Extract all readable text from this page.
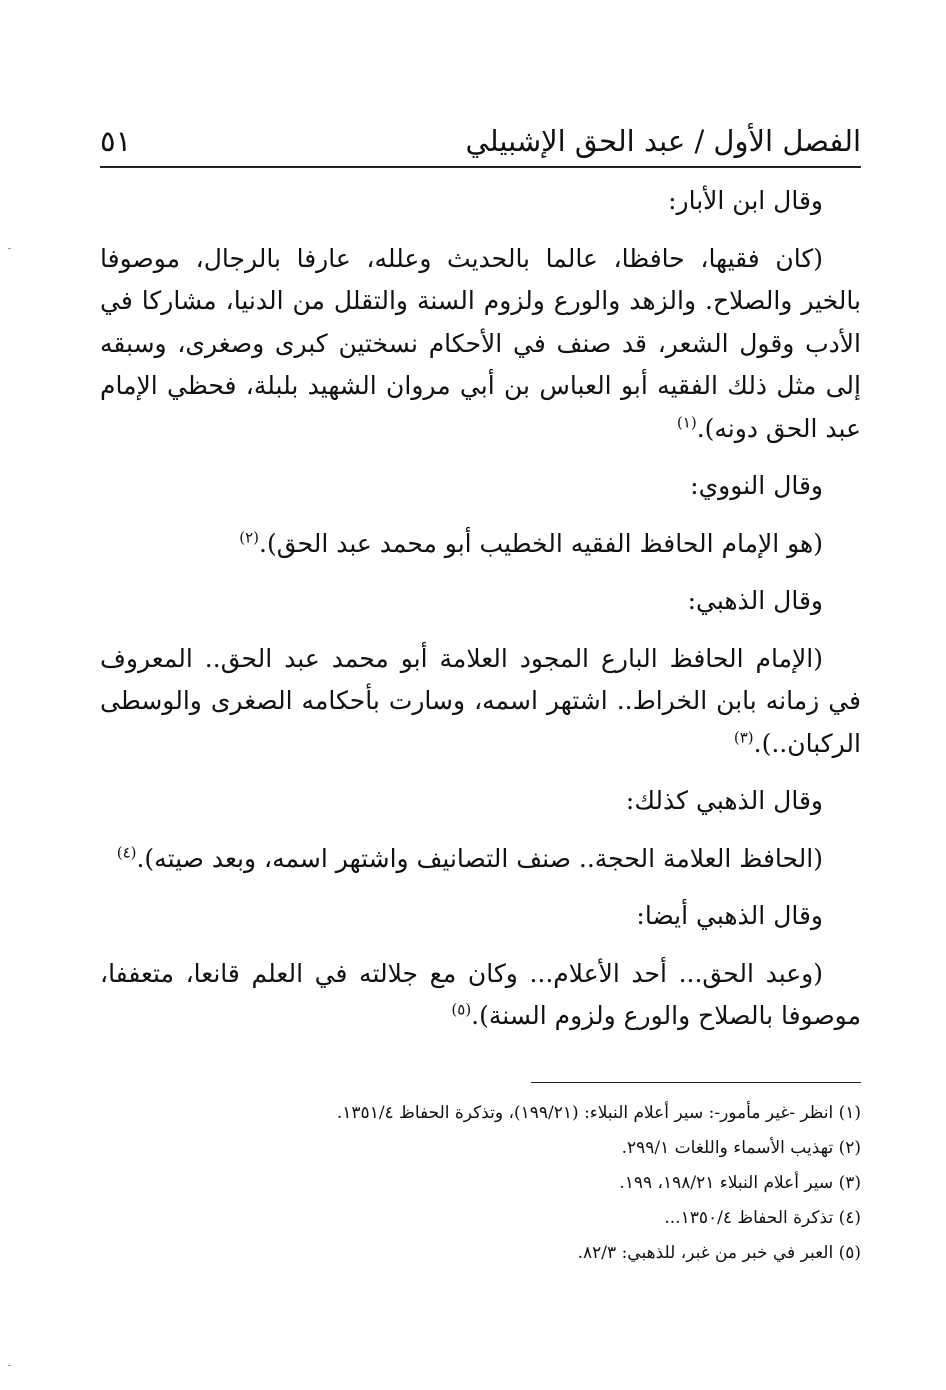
الفصل الأول / عبد الحق الإشبيلي
٥١

وقال ابن الأبار:

(كان فقيها، حافظا، عالما بالحديث وعلله، عارفا بالرجال، موصوفا بالخير والصلاح. والزهد والورع ولزوم السنة والتقلل من الدنيا، مشاركا في الأدب وقول الشعر، قد صنف في الأحكام نسختين كبرى وصغرى، وسبقه إلى مثل ذلك الفقيه أبو العباس بن أبي مروان الشهيد بلبلة، فحظي الإمام عبد الحق دونه).$^{(١)}$

وقال النووي:

(هو الإمام الحافظ الفقيه الخطيب أبو محمد عبد الحق).$^{(٢)}$

وقال الذهبي:

(الإمام الحافظ البارع المجود العلامة أبو محمد عبد الحق.. المعروف في زمانه بابن الخراط.. اشتهر اسمه، وسارت بأحكامه الصغرى والوسطى الركبان..).$^{(٣)}$

وقال الذهبي كذلك:

(الحافظ العلامة الحجة.. صنف التصانيف واشتهر اسمه، وبعد صيته).$^{(٤)}$

وقال الذهبي أيضا:

(وعبد الحق... أحد الأعلام... وكان مع جلالته في العلم قانعا، متعففا، موصوفا بالصلاح والورع ولزوم السنة).$^{(٥)}$

(١) انظر -غير مأمور-: سير أعلام النبلاء: (١٩٩/٢١)، وتذكرة الحفاظ ١٣٥١/٤.

(٢) تهذيب الأسماء واللغات ٢٩٩/١.

(٣) سير أعلام النبلاء ١٩٨/٢١، ١٩٩.

(٤) تذكرة الحفاظ ١٣٥٠/٤...

(٥) العبر في خبر من غبر، للذهبي: ٨٢/٣.
